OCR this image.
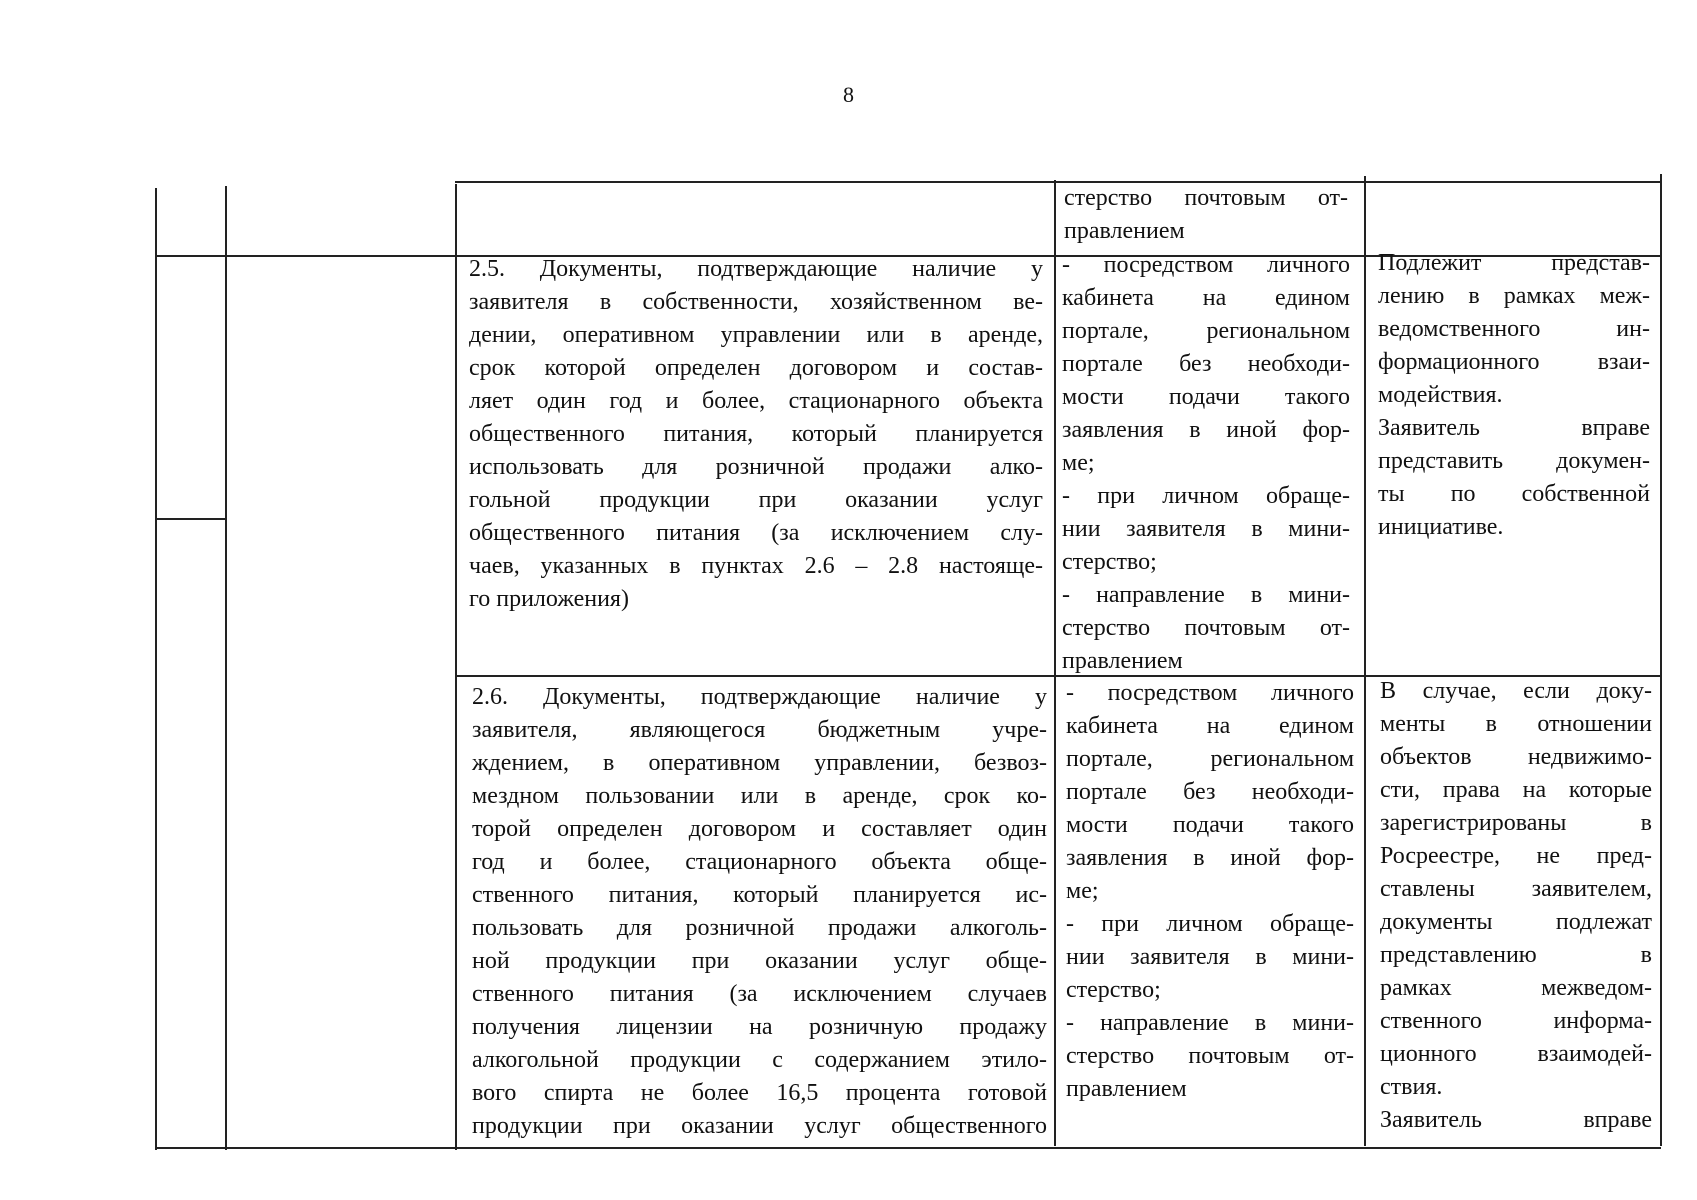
8
стерство почтовым от-
правлением
2.5. Документы, подтверждающие наличие у
заявителя в собственности, хозяйственном ве-
дении, оперативном управлении или в аренде,
срок которой определен договором и состав-
ляет один год и более, стационарного объекта
общественного питания, который планируется
использовать для розничной продажи алко-
гольной продукции при оказании услуг
общественного питания (за исключением слу-
чаев, указанных в пунктах 2.6 – 2.8 настояще-
го приложения)
- посредством личного
кабинета на едином
портале, региональном
портале без необходи-
мости подачи такого
заявления в иной фор-
ме;
- при личном обраще-
нии заявителя в мини-
стерство;
- направление в мини-
стерство почтовым от-
правлением
Подлежит представ-
лению в рамках меж-
ведомственного ин-
формационного взаи-
модействия.
Заявитель вправе
представить докумен-
ты по собственной
инициативе.
2.6. Документы, подтверждающие наличие у
заявителя, являющегося бюджетным учре-
ждением, в оперативном управлении, безвоз-
мездном пользовании или в аренде, срок ко-
торой определен договором и составляет один
год и более, стационарного объекта обще-
ственного питания, который планируется ис-
пользовать для розничной продажи алкоголь-
ной продукции при оказании услуг обще-
ственного питания (за исключением случаев
получения лицензии на розничную продажу
алкогольной продукции с содержанием этило-
вого спирта не более 16,5 процента готовой
продукции при оказании услуг общественного
- посредством личного
кабинета на едином
портале, региональном
портале без необходи-
мости подачи такого
заявления в иной фор-
ме;
- при личном обраще-
нии заявителя в мини-
стерство;
- направление в мини-
стерство почтовым от-
правлением
В случае, если доку-
менты в отношении
объектов недвижимо-
сти, права на которые
зарегистрированы в
Росреестре, не пред-
ставлены заявителем,
документы подлежат
представлению в
рамках межведом-
ственного информа-
ционного взаимодей-
ствия.
Заявитель вправе
